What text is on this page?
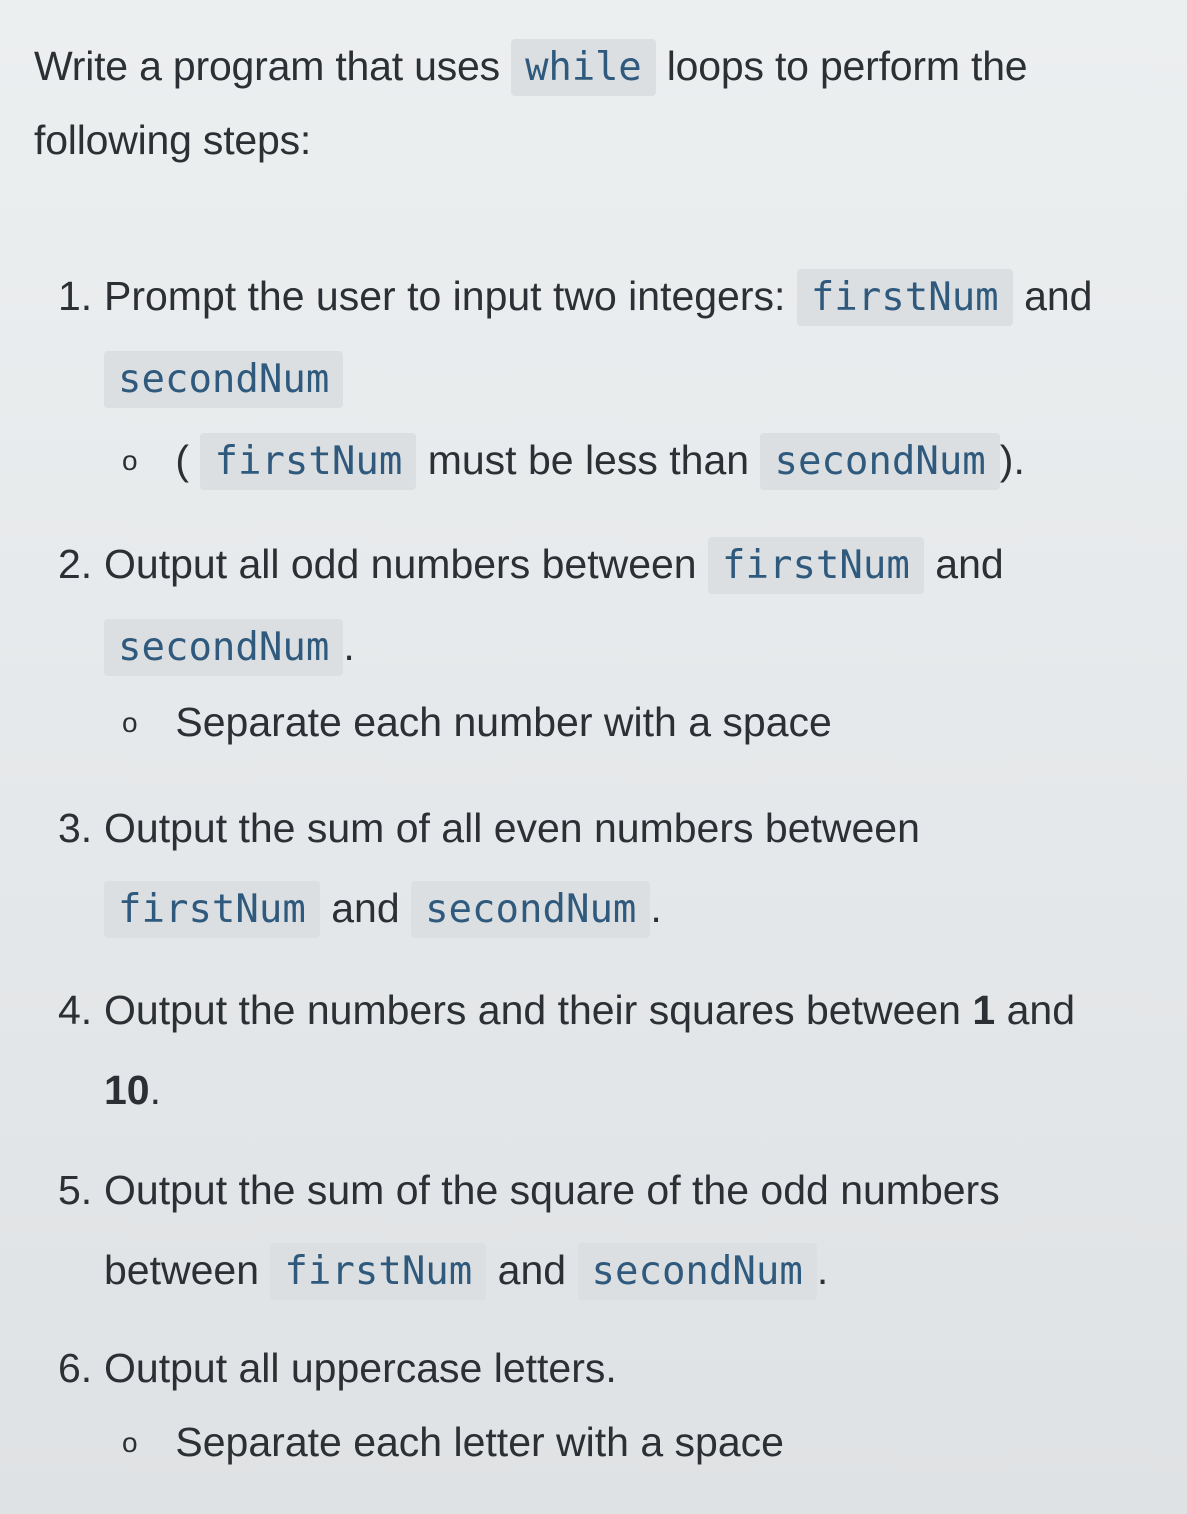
Write a program that uses while loops to perform the following steps:
1. Prompt the user to input two integers: firstNum and secondNum
o ( firstNum must be less than secondNum ).
2. Output all odd numbers between firstNum and secondNum .
o Separate each number with a space
3. Output the sum of all even numbers between firstNum and secondNum .
4. Output the numbers and their squares between 1 and 10.
5. Output the sum of the square of the odd numbers between firstNum and secondNum .
6. Output all uppercase letters.
o Separate each letter with a space
